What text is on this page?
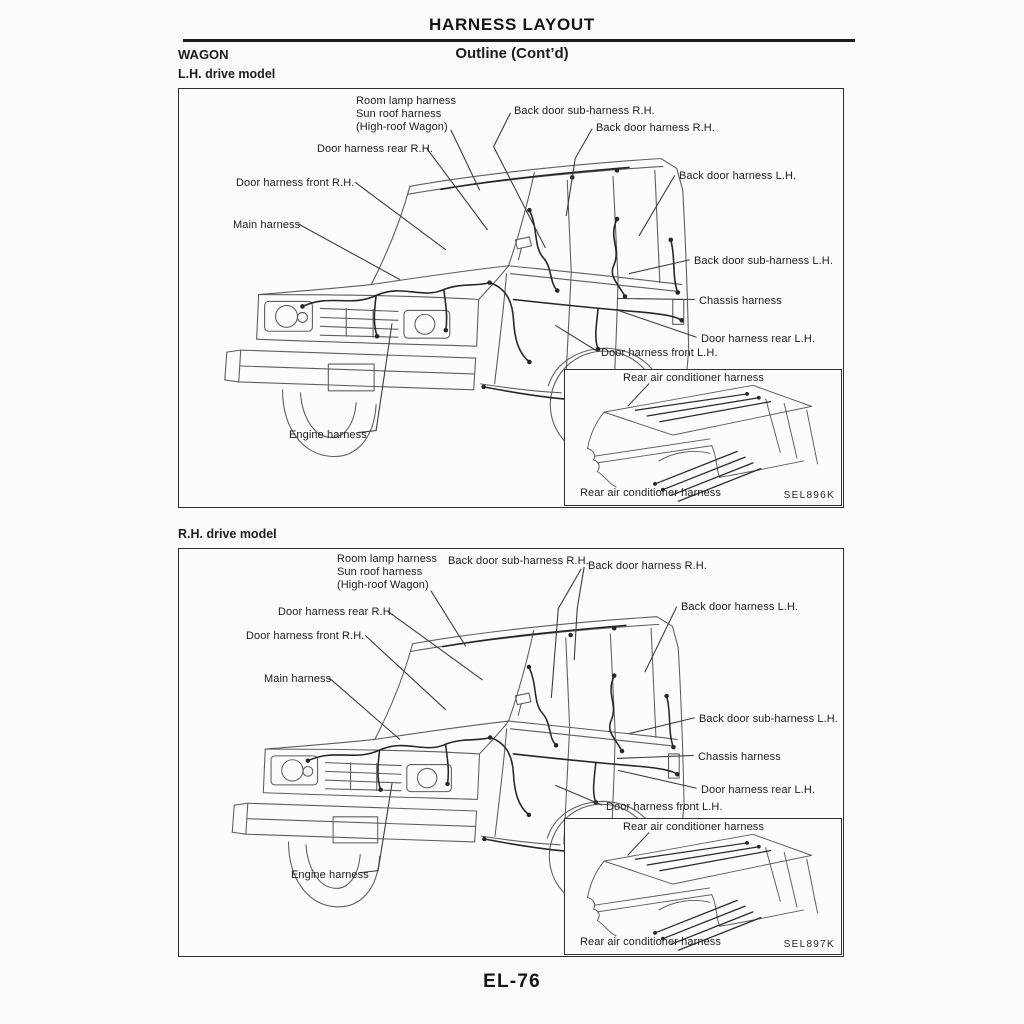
HARNESS LAYOUT
WAGON	Outline (Cont’d)
L.H. drive model
Room lamp harness
Sun roof harness
(High-roof Wagon)
Back door sub-harness R.H.
Back door harness R.H.
Door harness rear R.H.
Back door harness L.H.
Door harness front R.H.
Main harness
Back door sub-harness L.H.
Chassis harness
Door harness rear L.H.
Door harness front L.H.
Engine harness
Rear air conditioner harness
Rear air conditioner harness	SEL896K
R.H. drive model
Room lamp harness
Sun roof harness
(High-roof Wagon)
Back door sub-harness R.H. Back door harness R.H.
Door harness rear R.H.	Back door harness L.H.
Door harness front R.H.
Main harness
Back door sub-harness L.H.
Chassis harness
Door harness rear L.H.
Door harness front L.H.
Engine harness
Rear air conditioner harness
Rear air conditioner harness	SEL897K
EL-76
